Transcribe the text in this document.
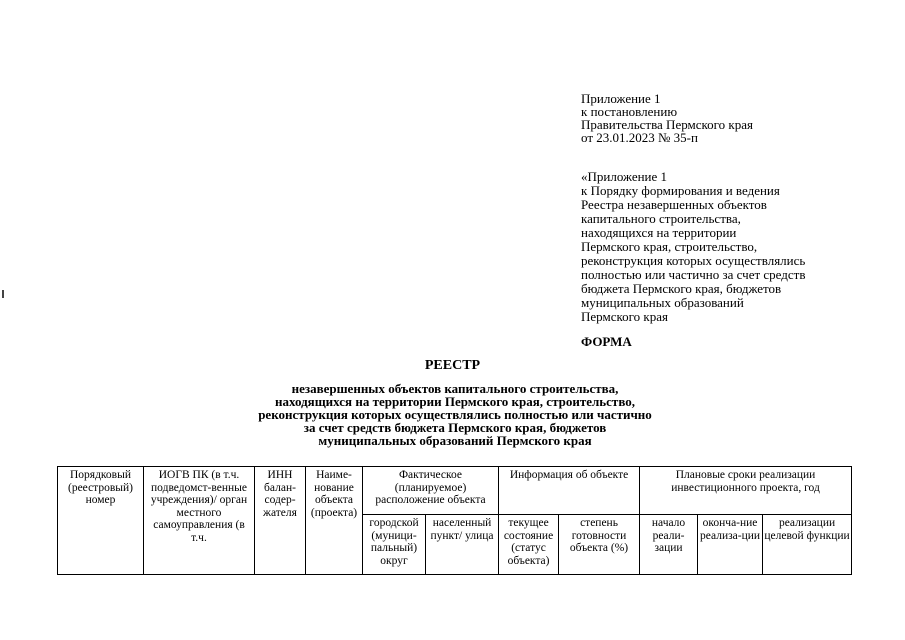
Приложение 1
к постановлению
Правительства Пермского края
от 23.01.2023 № 35-п
«Приложение 1
к Порядку формирования и ведения
Реестра незавершенных объектов
капитального строительства,
находящихся на территории
Пермского края, строительство,
реконструкция которых осуществлялись
полностью или частично за счет средств
бюджета Пермского края, бюджетов
муниципальных образований
Пермского края
ФОРМА
РЕЕСТР
незавершенных объектов капитального строительства,
находящихся на территории Пермского края, строительство,
реконструкция которых осуществлялись полностью или частично
за счет средств бюджета Пермского края, бюджетов
муниципальных образований Пермского края
Порядковый (реестровый) номер	ИОГВ ПК (в т.ч. подведомст-венные учреждения)/ орган местного самоуправления (в т.ч.	ИНН балан-содер-жателя	Наиме-нование объекта (проекта)	Фактическое (планируемое) расположение объекта		Информация об объекте		Плановые сроки реализации инвестиционного проекта, год		

				городской (муници-пальный) округ	населенный пункт/ улица	текущее состояние (статус объекта)	степень готовности объекта (%)	начало реали-зации	оконча-ние реализа-ции	реализации целевой функции
